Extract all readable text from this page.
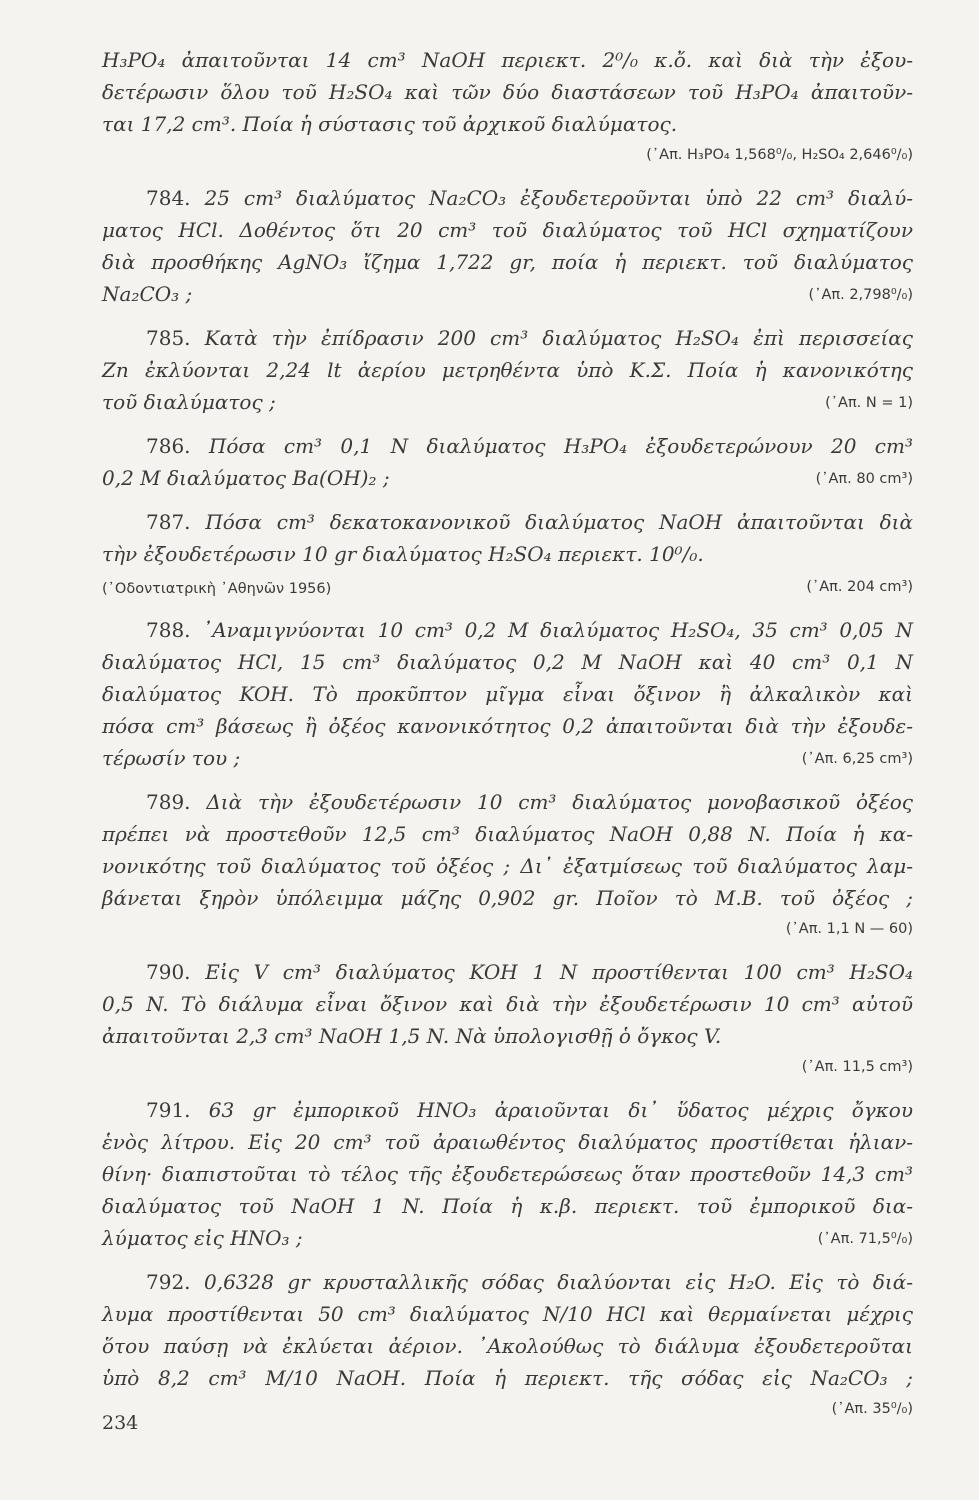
H₃PO₄ ἀπαιτοῦνται 14 cm³ NaOH περιεκτ. 2⁰/₀ κ.ὄ. καὶ διὰ τὴν ἐξου-
δετέρωσιν ὅλου τοῦ H₂SO₄ καὶ τῶν δύο διαστάσεων τοῦ H₃PO₄ ἀπαιτοῦν-
ται 17,2 cm³. Ποία ἡ σύστασις τοῦ ἀρχικοῦ διαλύματος.
(᾿Απ. H₃PO₄ 1,568⁰/₀, H₂SO₄ 2,646⁰/₀)
784. 25 cm³ διαλύματος Na₂CO₃ ἐξουδετεροῦνται ὑπὸ 22 cm³ διαλύ-
ματος HCl. Δοθέντος ὅτι 20 cm³ τοῦ διαλύματος τοῦ HCl σχηματίζουν
διὰ προσθήκης AgNO₃ ἴζημα 1,722 gr, ποία ἡ περιεκτ. τοῦ διαλύματος
Na₂CO₃ ;	(᾿Απ. 2,798⁰/₀)
785. Κατὰ τὴν ἐπίδρασιν 200 cm³ διαλύματος H₂SO₄ ἐπὶ περισσείας
Zn ἐκλύονται 2,24 lt ἀερίου μετρηθέντα ὑπὸ Κ.Σ. Ποία ἡ κανονικότης
τοῦ διαλύματος ;	(᾿Απ. N = 1)
786. Πόσα cm³ 0,1 N διαλύματος H₃PO₄ ἐξουδετερώνουν 20 cm³
0,2 M διαλύματος Ba(OH)₂ ;	(᾿Απ. 80 cm³)
787. Πόσα cm³ δεκατοκανονικοῦ διαλύματος NaOH ἀπαιτοῦνται διὰ
τὴν ἐξουδετέρωσιν 10 gr διαλύματος H₂SO₄ περιεκτ. 10⁰/₀.
(᾿Οδοντιατρικὴ ᾿Αθηνῶν 1956)	(᾿Απ. 204 cm³)
788. ᾿Αναμιγνύονται 10 cm³ 0,2 M διαλύματος H₂SO₄, 35 cm³ 0,05 N
διαλύματος HCl, 15 cm³ διαλύματος 0,2 M NaOH καὶ 40 cm³ 0,1 N
διαλύματος KOH. Τὸ προκῦπτον μῖγμα εἶναι ὄξινον ἢ ἀλκαλικὸν καὶ
πόσα cm³ βάσεως ἢ ὀξέος κανονικότητος 0,2 ἀπαιτοῦνται διὰ τὴν ἐξουδε-
τέρωσίν του ;	(᾿Απ. 6,25 cm³)
789. Διὰ τὴν ἐξουδετέρωσιν 10 cm³ διαλύματος μονοβασικοῦ ὀξέος
πρέπει νὰ προστεθοῦν 12,5 cm³ διαλύματος NaOH 0,88 N. Ποία ἡ κα-
νονικότης τοῦ διαλύματος τοῦ ὀξέος ; Δι᾿ ἐξατμίσεως τοῦ διαλύματος λαμ-
βάνεται ξηρὸν ὑπόλειμμα μάζης 0,902 gr. Ποῖον τὸ Μ.Β. τοῦ ὀξέος ;
(᾿Απ. 1,1 N — 60)
790. Εἰς V cm³ διαλύματος KOH 1 N προστίθενται 100 cm³ H₂SO₄
0,5 N. Τὸ διάλυμα εἶναι ὄξινον καὶ διὰ τὴν ἐξουδετέρωσιν 10 cm³ αὐτοῦ
ἀπαιτοῦνται 2,3 cm³ NaOH 1,5 N. Νὰ ὑπολογισθῇ ὁ ὄγκος V.
(᾿Απ. 11,5 cm³)
791. 63 gr ἐμπορικοῦ HNO₃ ἀραιοῦνται δι᾿ ὕδατος μέχρις ὄγκου
ἑνὸς λίτρου. Εἰς 20 cm³ τοῦ ἀραιωθέντος διαλύματος προστίθεται ἡλιαν-
θίνη· διαπιστοῦται τὸ τέλος τῆς ἐξουδετερώσεως ὅταν προστεθοῦν 14,3 cm³
διαλύματος τοῦ NaOH 1 N. Ποία ἡ κ.β. περιεκτ. τοῦ ἐμπορικοῦ δια-
λύματος εἰς HNO₃ ;	(᾿Απ. 71,5⁰/₀)
792. 0,6328 gr κρυσταλλικῆς σόδας διαλύονται εἰς H₂O. Εἰς τὸ διά-
λυμα προστίθενται 50 cm³ διαλύματος N/10 HCl καὶ θερμαίνεται μέχρις
ὅτου παύσῃ νὰ ἐκλύεται ἀέριον. ᾿Ακολούθως τὸ διάλυμα ἐξουδετεροῦται
ὑπὸ 8,2 cm³ M/10 NaOH. Ποία ἡ περιεκτ. τῆς σόδας εἰς Na₂CO₃ ;
(᾿Απ. 35⁰/₀)
234
